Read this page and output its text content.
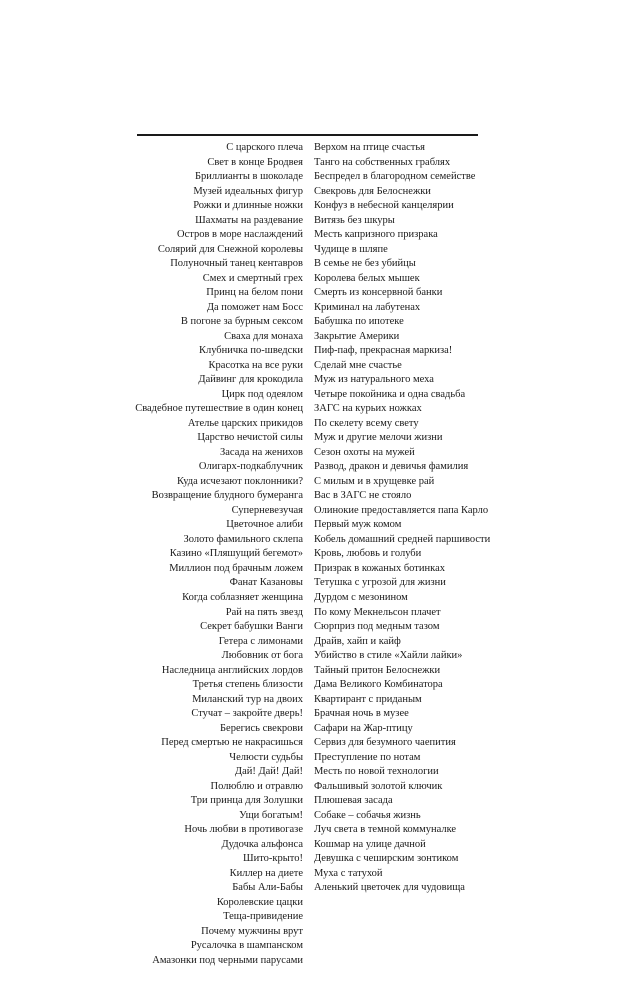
С царского плеча
Свет в конце Бродвея
Бриллианты в шоколаде
Музей идеальных фигур
Рожки и длинные ножки
Шахматы на раздевание
Остров в море наслаждений
Солярий для Снежной королевы
Полуночный танец кентавров
Смех и смертный грех
Принц на белом пони
Да поможет нам Босс
В погоне за бурным сексом
Сваха для монаха
Клубничка по-шведски
Красотка на все руки
Дайвинг для крокодила
Цирк под одеялом
Свадебное путешествие в один конец
Ателье царских прикидов
Царство нечистой силы
Засада на женихов
Олигарх-подкаблучник
Куда исчезают поклонники?
Возвращение блудного бумеранга
Суперневезучая
Цветочное алиби
Золото фамильного склепа
Казино «Пляшущий бегемот»
Миллион под брачным ложем
Фанат Казановы
Когда соблазняет женщина
Рай на пять звезд
Секрет бабушки Ванги
Гетера с лимонами
Любовник от бога
Наследница английских лордов
Третья степень близости
Миланский тур на двоих
Стучат – закройте дверь!
Берегись свекрови
Перед смертью не накрасишься
Челюсти судьбы
Дай! Дай! Дай!
Полюблю и отравлю
Три принца для Золушки
Ущи богатым!
Ночь любви в противогазе
Дудочка альфонса
Шито-крыто!
Киллер на диете
Бабы Али-Бабы
Королевские цацки
Теща-привидение
Почему мужчины врут
Русалочка в шампанском
Амазонки под черными парусами
Верхом на птице счастья
Танго на собственных граблях
Беспредел в благородном семействе
Свекровь для Белоснежки
Конфуз в небесной канцелярии
Витязь без шкуры
Месть капризного призрака
Чудище в шляпе
В семье не без убийцы
Королева белых мышек
Смерть из консервной банки
Криминал на лабутенах
Бабушка по ипотеке
Закрытие Америки
Пиф-паф, прекрасная маркиза!
Сделай мне счастье
Муж из натурального меха
Четыре покойника и одна свадьба
ЗАГС на курьих ножках
По скелету всему свету
Муж и другие мелочи жизни
Сезон охоты на мужей
Развод, дракон и девичья фамилия
С милым и в хрущевке рай
Вас в ЗАГС не стояло
Олинокие предоставляется папа Карло
Первый муж комом
Кобель домашний средней паршивости
Кровь, любовь и голуби
Призрак в кожаных ботинках
Тетушка с угрозой для жизни
Дурдом с мезонином
По кому Мекнельсон плачет
Сюрприз под медным тазом
Драйв, хайп и кайф
Убийство в стиле «Хайли лайки»
Тайный притон Белоснежки
Дама Великого Комбинатора
Квартирант с приданым
Брачная ночь в музее
Сафари на Жар-птицу
Сервиз для безумного чаепития
Преступление по нотам
Месть по новой технологии
Фальшивый золотой ключик
Плюшевая засада
Собаке – собачья жизнь
Луч света в темной коммуналке
Кошмар на улице дачной
Девушка с чеширским зонтиком
Муха с татухой
Аленький цветочек для чудовища
